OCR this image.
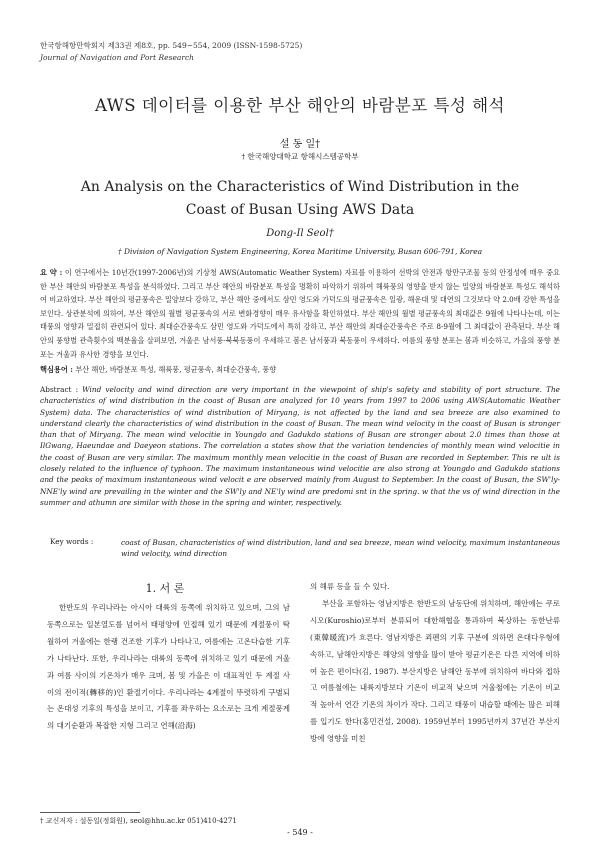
한국항해항만학회지 제33권 제8호, pp. 549~554, 2009 (ISSN-1598-5725)
Journal of Navigation and Port Research
AWS 데이터를 이용한 부산 해안의 바람분포 특성 해석
설 동 일†
† 한국해양대학교 항해시스템공학부
An Analysis on the Characteristics of Wind Distribution in the Coast of Busan Using AWS Data
Dong-Il Seol†
† Division of Navigation System Engineering, Korea Maritime University, Busan 606-791, Korea
요 약 : 이 연구에서는 10년간(1997-2006년)의 기상청 AWS(Automatic Weather System) 자료를 이용하여 선박의 안전과 항만구조물 등의 안정성에 매우 중요한 부산 해안의 바람분포 특성을 분석하였다. 그리고 부산 해안의 바람분포 특성을 명확히 파악하기 위하여 해륙풍의 영향을 받지 않는 밀양의 바람분포 특성도 해석하여 비교하였다. 부산 해안의 평균풍속은 밀양보다 강하고, 부산 해안 중에서도 삼민 영도와 가덕도의 평균풍속은 일광, 해운대 및 대연의 그것보다 약 2.0배 강한 특성을 보인다. 상관분석에 의하여, 부산 해안의 월별 평균풍속의 서로 변화경향이 매우 유사함을 확인하였다. 부산 해안의 월별 평균풍속의 최대값은 9월에 나타나는데, 이는 태풍의 영향과 밀접히 관련되어 있다. 최대순간풍속도 삼민 영도와 가덕도에서 특히 강하고, 부산 해안의 최대순간풍속은 주로 8-9월에 그 최대값이 관측된다. 부산 해안의 풍향별 관측횟수의 백분율을 살펴보면, 겨울은 남서풍-북북동풍이 우세하고 봄은 남서풍과 북동풍이 우세하다. 여름의 풍향 분포는 봄과 비슷하고, 가을의 풍향 분포는 겨울과 유사한 경향을 보인다.
핵심용어 : 부산 해안, 바람분포 특성, 해륙풍, 평균풍속, 최대순간풍속, 풍향
Abstract : Wind velocity and wind direction are very important in the viewpoint of ship's safety and stability of port structure. The characteristics of wind distribution in the coast of Busan are analyzed for 10 years from 1997 to 2006 using AWS(Automatic Weather System) data. The characteristics of wind distribution of Miryang, is not affected by the land and sea breeze are also examined to understand clearly the characteristics of wind distribution in the coast of Busan. The mean wind velocity in the coast of Busan is stronger than that of Miryang. The mean wind velocitie in Youngdo and Gadukdo stations of Busan are stronger about 2.0 times than those at IlGwang, Haeundae and Daeyeon stations. The correlation a states show that the variation tendencies of monthly mean wind velocitie in the coast of Busan are very similar. The maximum monthly mean velocitie in the coast of Busan are recorded in September. This re ult is closely related to the influence of typhoon. The maximum instantaneous wind velocitie are also strong at Youngdo and Gadukdo stations and the peaks of maximum instantaneous wind velocit e are observed mainly from August to September. In the coast of Busan, the SW'ly-NNE'ly wind are prevailing in the winter and the SW'ly and NE'ly wind are predomi snt in the spring. w that the vs of wind direction in the summer and athumn are similar with those in the spring and winter, respectively.
Key words :	coast of Busan, characteristics of wind distribution, land and sea breeze, mean wind velocity, maximum instantaneous wind velocity, wind direction
1. 서 론

한반도의 우리나라는 아시아 대륙의 동쪽에 위치하고 있으며, 그의 남동쪽으로는 일본열도를 넘어서 태평양에 인접해 있기 때문에 계절풍이 탁월하여 겨울에는 한랭 건조한 기후가 나타나고, 여름에는 고온다습한 기후가 나타난다. 또한, 우리나라는 대륙의 동쪽에 위치하고 있기 때문에 겨울과 여름 사이의 기온차가 매우 크며, 봄 및 가을은 이 대표적인 두 계절 사이의 전이적(轉移的)인 환절기이다. 우리나라는 4계절이 뚜렷하게 구별되는 온대성 기후의 특성을 보이고, 기후를 좌우하는 요소로는 크게 계절풍계의 대기순환과 복잡한 지형 그리고 연해(沿海)

의 해류 등을 들 수 있다.

부산을 포함하는 영남지방은 한반도의 남동단에 위치하며, 해안에는 쿠로시오(Kuroshio)로부터 분류되어 대한해협을 통과하여 북상하는 동한난류(東韓暖流)가 흐른다. 영남지방은 쾨펜의 기후 구분에 의하면 온대다우형에 속하고, 남해안지방은 해양의 영향을 많이 받아 평균기온은 다른 지역에 비하여 높은 편이다(김, 1987). 부산지방은 남해안 동부에 위치하여 바다와 접하고 여름철에는 내륙지방보다 기온이 비교적 낮으며 겨울철에는 기온이 비교적 높아서 연간 기온의 차이가 작다. 그리고 태풍이 내습할 때에는 많은 피해를 입기도 한다(홍민건설, 2008). 1959년부터 1995년까지 37년간 부산지방에 영향을 미친

† 교신저자 : 설동일(정회원), seol@hhu.ac.kr 051)410-4271
- 549 -
